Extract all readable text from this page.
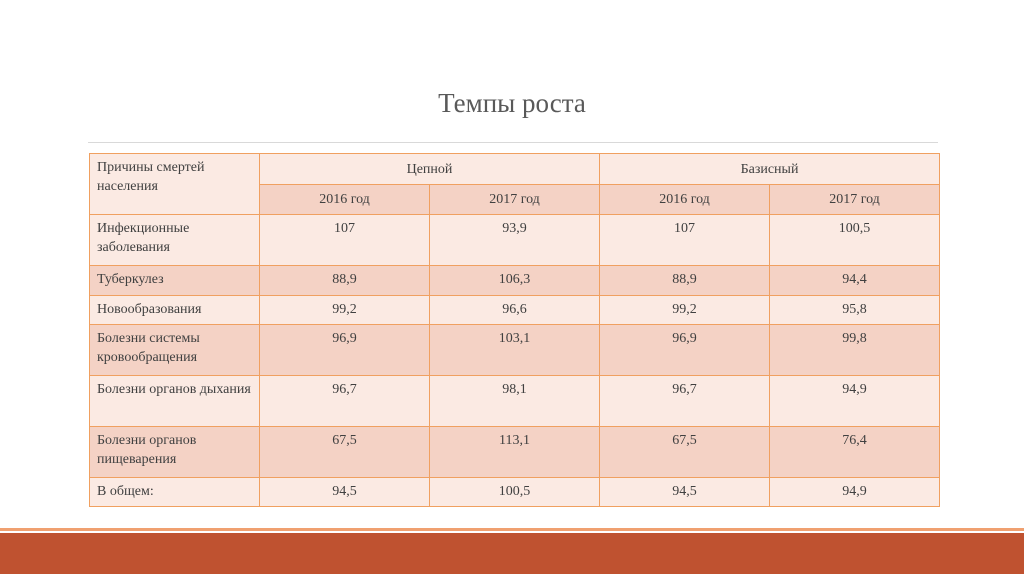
Темпы роста
Причины смертей населения	Цепной		Базисный	
	2016 год	2017 год	2016 год	2017 год
Инфекционные заболевания	107	93,9	107	100,5
Туберкулез	88,9	106,3	88,9	94,4
Новообразования	99,2	96,6	99,2	95,8
Болезни системы кровообращения	96,9	103,1	96,9	99,8
Болезни органов дыхания	96,7	98,1	96,7	94,9
Болезни органов пищеварения	67,5	113,1	67,5	76,4
В общем:	94,5	100,5	94,5	94,9
